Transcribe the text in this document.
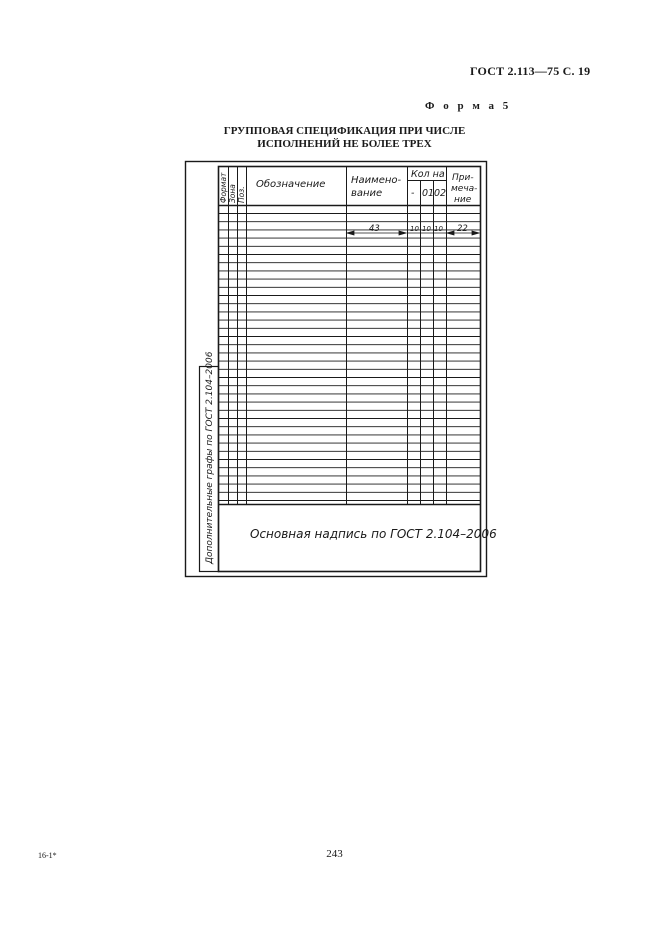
ГОСТ 2.113—75 С. 19
Ф о р м а 5
ГРУППОВАЯ СПЕЦИФИКАЦИЯ ПРИ ЧИСЛЕ
ИСПОЛНЕНИЙ НЕ БОЛЕЕ ТРЕХ
Формат Зона Поз.
Обозначение	Наимено-
вание
Кол на
- 01 02
При-
меча-
ние
43	10 10 10 22
Дополнительные графы по ГОСТ 2.104–2006	Основная надпись по ГОСТ 2.104–2006
16-1*	243
